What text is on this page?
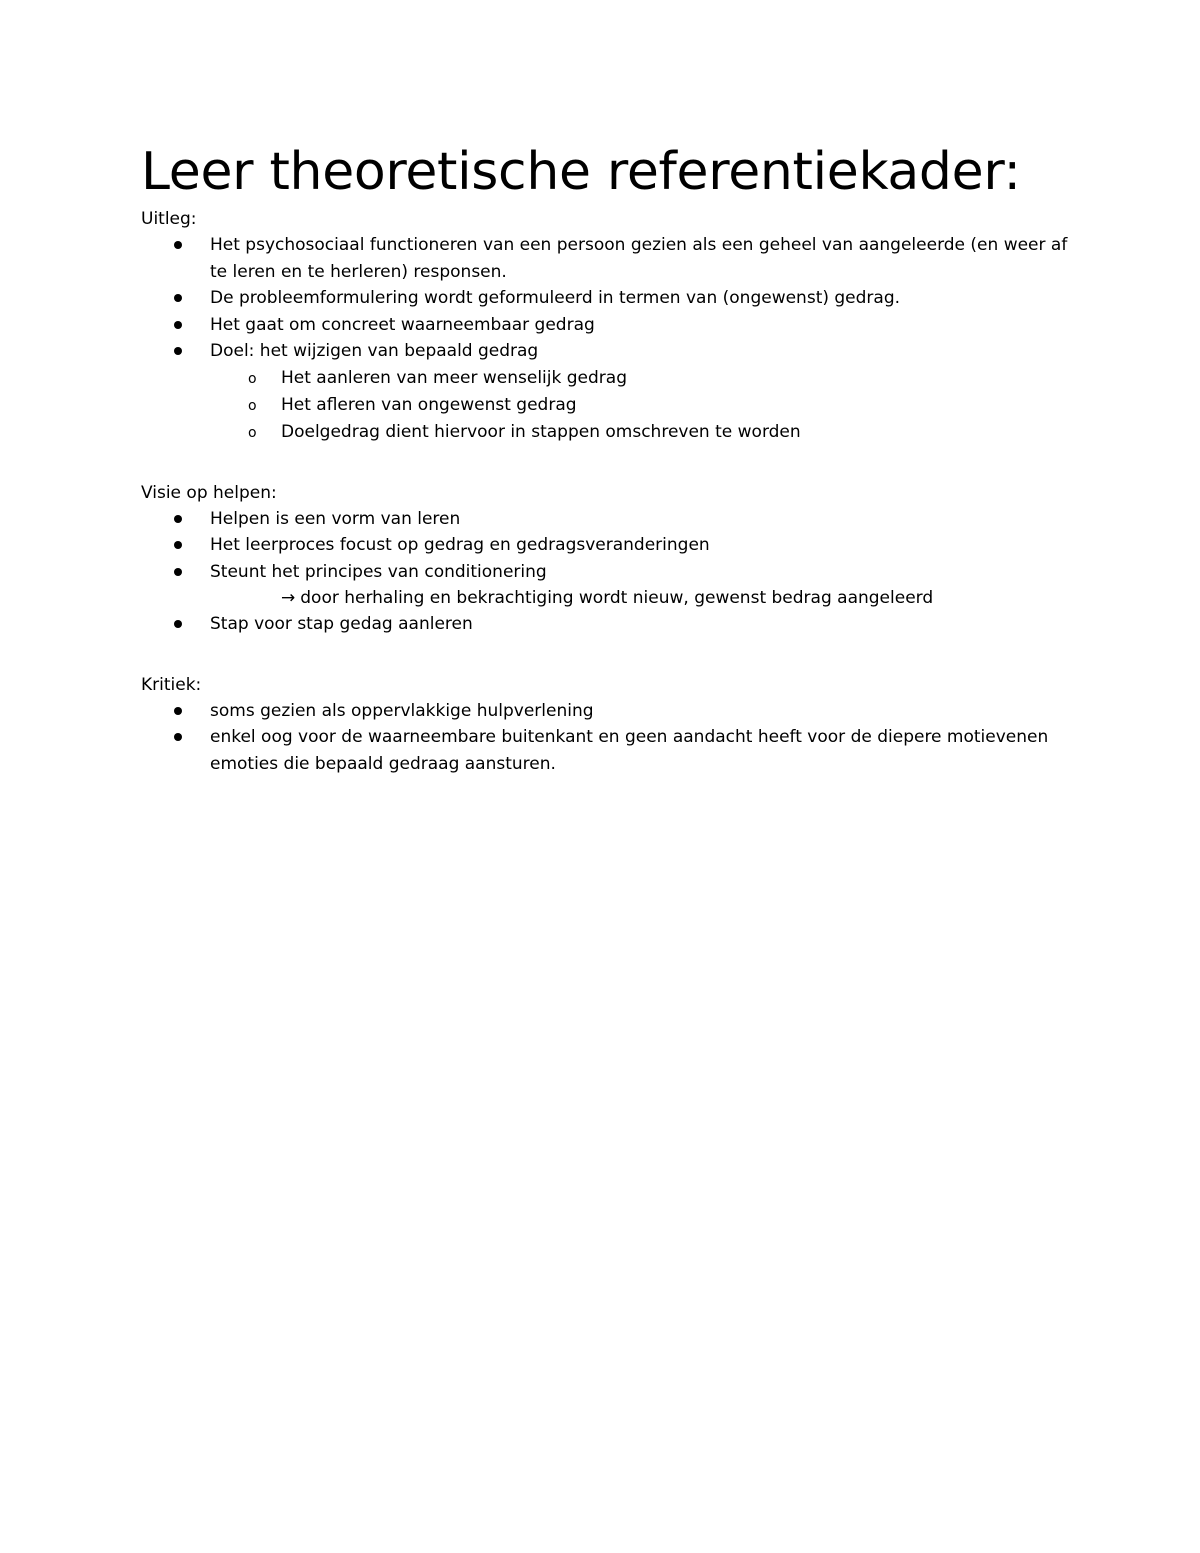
Leer theoretische referentiekader:

Uitleg:

Het psychosociaal functioneren van een persoon gezien als een geheel van aangeleerde (en weer af te leren en te herleren) responsen.
De probleemformulering wordt geformuleerd in termen van (ongewenst) gedrag.
Het gaat om concreet waarneembaar gedrag
Doel: het wijzigen van bepaald gedrag
o Het aanleren van meer wenselijk gedrag
o Het afleren van ongewenst gedrag
o Doelgedrag dient hiervoor in stappen omschreven te worden

Visie op helpen:

Helpen is een vorm van leren
Het leerproces focust op gedrag en gedragsveranderingen
Steunt het principes van conditionering
→ door herhaling en bekrachtiging wordt nieuw, gewenst bedrag aangeleerd
Stap voor stap gedag aanleren

Kritiek:

soms gezien als oppervlakkige hulpverlening
enkel oog voor de waarneembare buitenkant en geen aandacht heeft voor de diepere motievenen emoties die bepaald gedraag aansturen.
